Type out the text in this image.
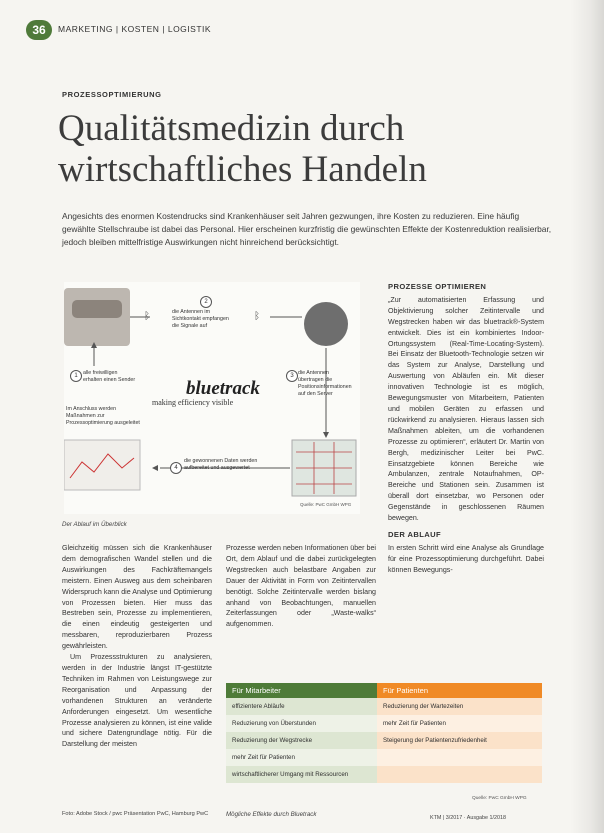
36	MARKETING | KOSTEN | LOGISTIK
PROZESSOPTIMIERUNG
Qualitätsmedizin durch wirtschaftliches Handeln

Angesichts des enormen Kostendrucks sind Krankenhäuser seit Jahren gezwungen, ihre Kosten zu reduzieren. Eine häufig gewählte Stellschraube ist dabei das Personal. Hier erscheinen kurzfristig die gewünschten Effekte der Kostenreduktion realisierbar, jedoch bleiben mittelfristige Auswirkungen nicht hinreichend berücksichtigt.

ᛒ	ᛒ
2
die Antennen im Sichtkontakt empfangen die Signale auf
1	alle freiwilligen erhalten einen Sender
3 die Antennen übertragen die Positionsinformationen auf den Server
bluetrack
making efficiency visible
Im Anschluss werden Maßnahmen zur Prozessoptimierung ausgeleitet
4
die gewonnenen Daten werden aufbereitet und ausgewertet
Quelle: PwC GmbH WPG
Der Ablauf im Überblick

Gleichzeitig müssen sich die Krankenhäuser dem demografischen Wandel stellen und die Auswirkungen des Fachkräftemangels meistern. Einen Ausweg aus dem scheinbaren Widerspruch kann die Analyse und Optimierung von Prozessen bieten. Hier muss das Bestreben sein, Prozesse zu implementieren, die einen eindeutig gesteigerten und messbaren, reproduzierbaren Prozess gewährleisten.

Um Prozessstrukturen zu analysieren, werden in der Industrie längst IT-gestützte Techniken im Rahmen von Leistungswege zur Reorganisation und Anpassung der vorhandenen Strukturen an veränderte Anforderungen eingesetzt. Um wesentliche Prozesse analysieren zu können, ist eine valide und sichere Datengrundlage nötig. Für die Darstellung der meisten

Prozesse werden neben Informationen über bei Ort, dem Ablauf und die dabei zurückgelegten Wegstrecken auch belastbare Angaben zur Dauer der Aktivität in Form von Zeitintervallen benötigt. Solche Zeitintervalle werden bislang anhand von Beobachtungen, manuellen Zeiterfassungen oder „Waste-walks“ aufgenommen.

PROZESSE OPTIMIEREN

„Zur automatisierten Erfassung und Objektivierung solcher Zeitintervalle und Wegstrecken haben wir das bluetrack®-System entwickelt. Dies ist ein kombiniertes Indoor-Ortungssystem (Real-Time-Locating-System). Bei Einsatz der Bluetooth-Technologie setzen wir das System zur Analyse, Darstellung und Auswertung von Abläufen ein. Mit dieser innovativen Technologie ist es möglich, Bewegungsmuster von Mitarbeitern, Patienten und mobilen Geräten zu erfassen und rückwirkend zu analysieren. Hieraus lassen sich Maßnahmen ableiten, um die vorhandenen Prozesse zu optimieren“, erläutert Dr. Martin von Bergh, medizinischer Leiter bei PwC. Einsatzgebiete können Bereiche wie Ambulanzen, zentrale Notaufnahmen, OP-Bereiche und Stationen sein. Zusammen ist überall dort einsetzbar, wo Personen oder Gegenstände in geschlossenen Räumen bewegen.

DER ABLAUF

In ersten Schritt wird eine Analyse als Grundlage für eine Prozessoptimierung durchgeführt. Dabei können Bewegungs-

Für Mitarbeiter	Für Patienten
effizientere Abläufe	Reduzierung der Wartezeiten
Reduzierung von Überstunden	mehr Zeit für Patienten
Reduzierung der Wegstrecke	Steigerung der Patientenzufriedenheit
mehr Zeit für Patienten
wirtschaftlicherer Umgang mit Ressourcen
Quelle: PwC GmbH WPG
Mögliche Effekte durch Bluetrack
Foto: Adobe Stock / pwc Präsentation PwC, Hamburg PwC
KTM | 3/2017 · Ausgabe 1/2018
